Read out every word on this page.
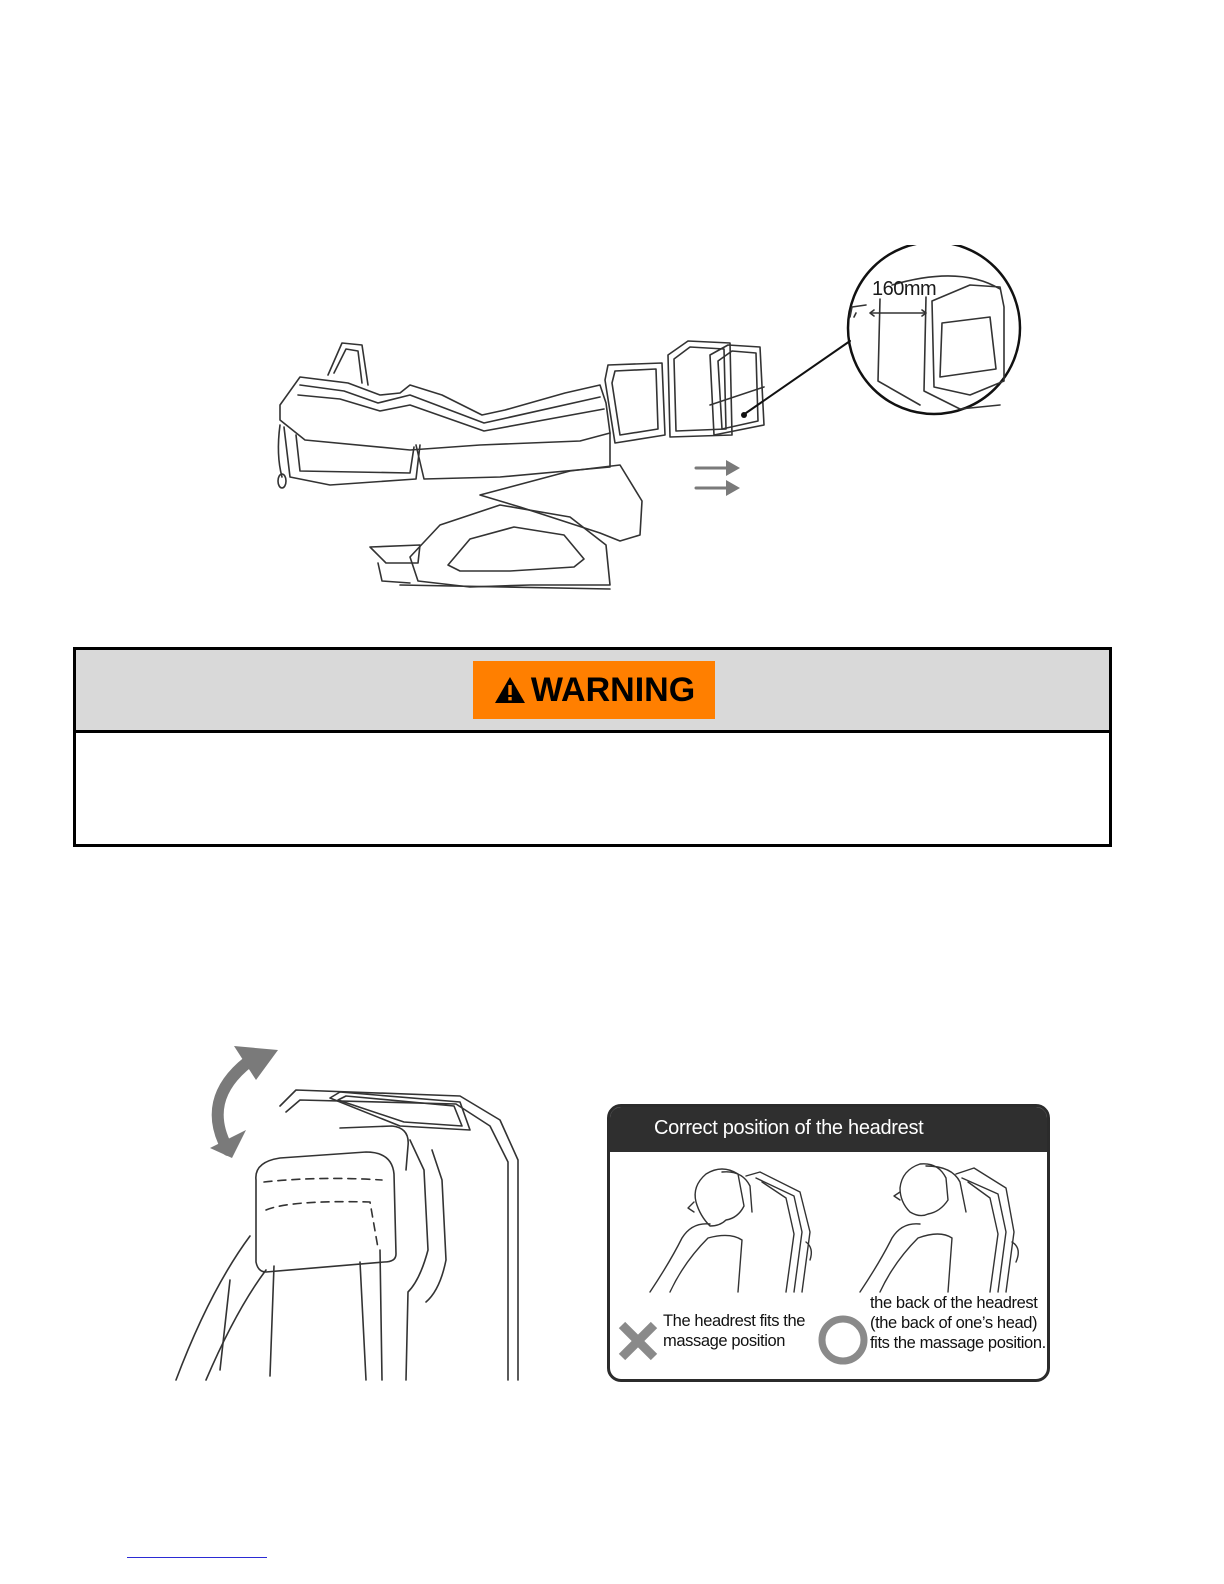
160mm
WARNING
Correct position of the headrest
The headrest fits the massage position
the back of the headrest (the back of one’s head) fits the massage position.
